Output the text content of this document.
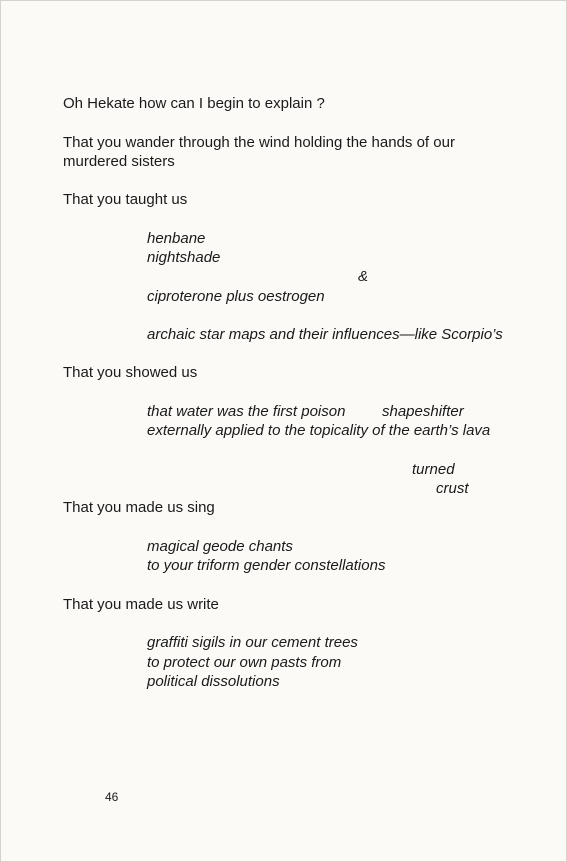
Oh Hekate how can I begin to explain ?

That you wander through the wind holding the hands of our

murdered sisters

That you taught us

henbane

nightshade

&

ciproterone plus oestrogen

archaic star maps and their influences—like Scorpio’s

That you showed us

that water was the first poison shapeshifter

externally applied to the topicality of the earth’s lava

turned

crust

That you made us sing

magical geode chants

to your triform gender constellations

That you made us write

graffiti sigils in our cement trees

to protect our own pasts from

political dissolutions

46
